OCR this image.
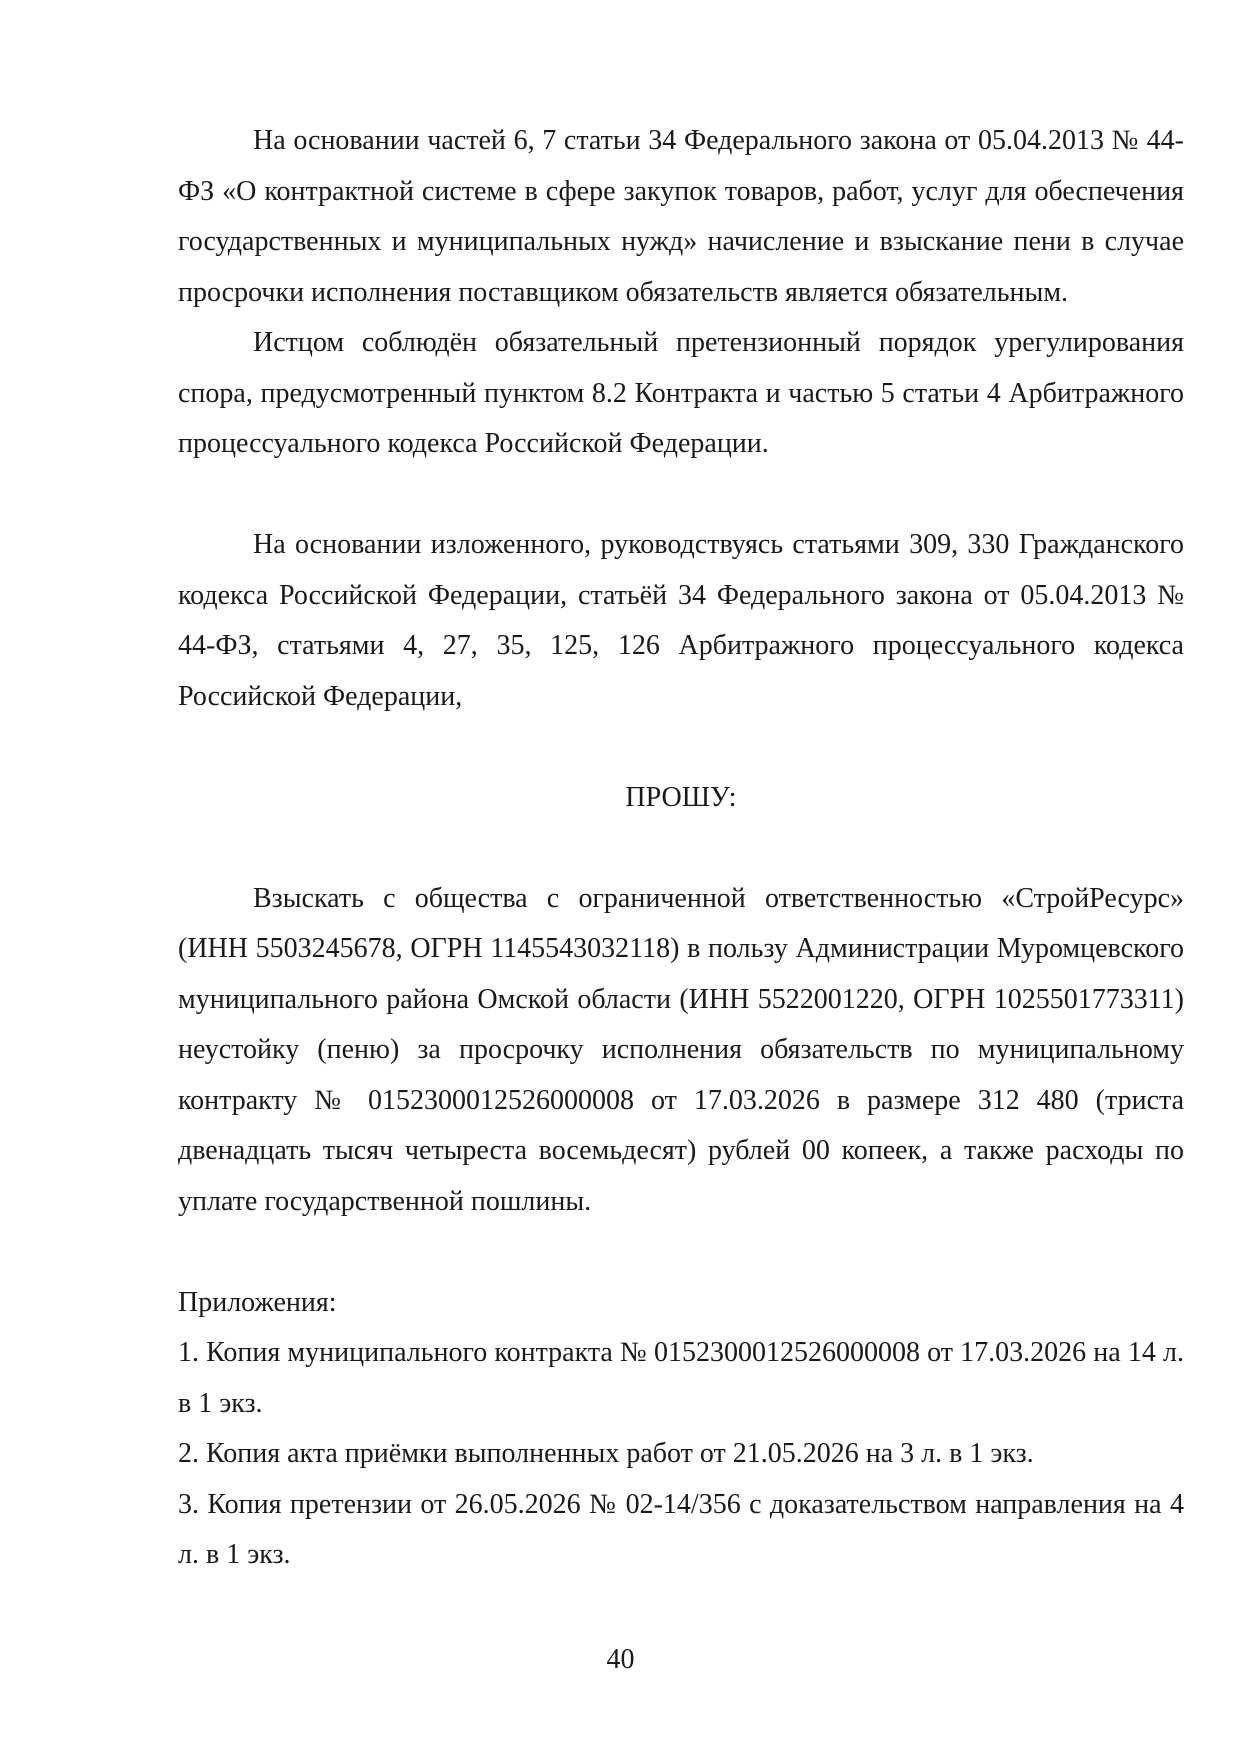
На основании частей 6, 7 статьи 34 Федерального закона от 05.04.2013 № 44-ФЗ «О контрактной системе в сфере закупок товаров, работ, услуг для обеспечения государственных и муниципальных нужд» начисление и взыскание пени в случае просрочки исполнения поставщиком обязательств является обязательным.

Истцом соблюдён обязательный претензионный порядок урегулирования спора, предусмотренный пунктом 8.2 Контракта и частью 5 статьи 4 Арбитражного процессуального кодекса Российской Федерации.

На основании изложенного, руководствуясь статьями 309, 330 Гражданского кодекса Российской Федерации, статьёй 34 Федерального закона от 05.04.2013 № 44-ФЗ, статьями 4, 27, 35, 125, 126 Арбитражного процессуального кодекса Российской Федерации,

ПРОШУ:

Взыскать с общества с ограниченной ответственностью «СтройРесурс» (ИНН 5503245678, ОГРН 1145543032118) в пользу Администрации Муромцевского муниципального района Омской области (ИНН 5522001220, ОГРН 1025501773311) неустойку (пеню) за просрочку исполнения обязательств по муниципальному контракту № 0152300012526000008 от 17.03.2026 в размере 312 480 (триста двенадцать тысяч четыреста восемьдесят) рублей 00 копеек, а также расходы по уплате государственной пошлины.

Приложения:

1. Копия муниципального контракта № 0152300012526000008 от 17.03.2026 на 14 л. в 1 экз.

2. Копия акта приёмки выполненных работ от 21.05.2026 на 3 л. в 1 экз.

3. Копия претензии от 26.05.2026 № 02-14/356 с доказательством направления на 4 л. в 1 экз.

40
